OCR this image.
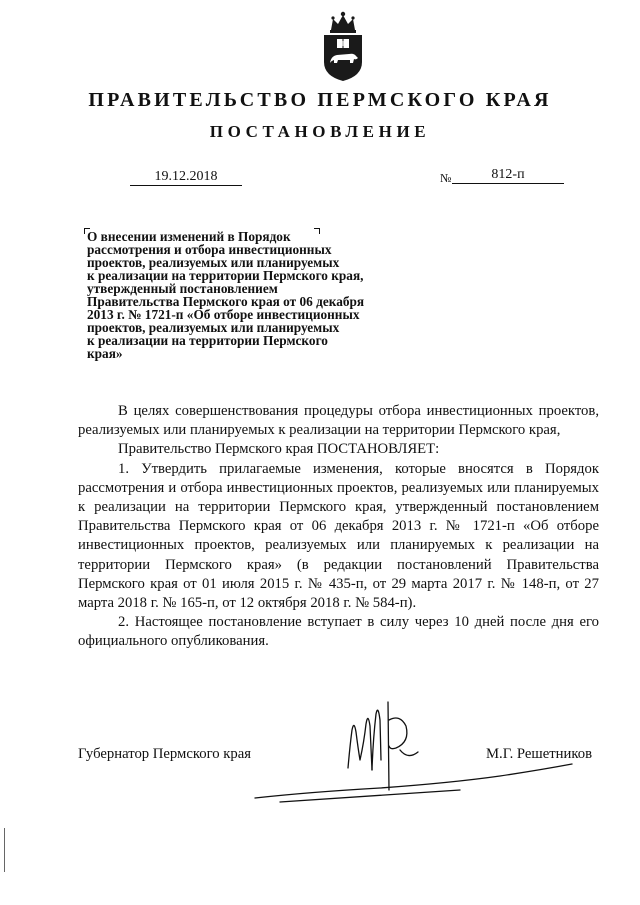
ПРАВИТЕЛЬСТВО ПЕРМСКОГО КРАЯ
ПОСТАНОВЛЕНИЕ
19.12.2018	№	812-п
О внесении изменений в Порядок
рассмотрения и отбора инвестиционных
проектов, реализуемых или планируемых
к реализации на территории Пермского края,
утвержденный постановлением
Правительства Пермского края от 06 декабря
2013 г. № 1721-п «Об отборе инвестиционных
проектов, реализуемых или планируемых
к реализации на территории Пермского
края»

В целях совершенствования процедуры отбора инвестиционных проектов, реализуемых или планируемых к реализации на территории Пермского края,

Правительство Пермского края ПОСТАНОВЛЯЕТ:

1. Утвердить прилагаемые изменения, которые вносятся в Порядок рассмотрения и отбора инвестиционных проектов, реализуемых или планируемых к реализации на территории Пермского края, утвержденный постановлением Правительства Пермского края от 06 декабря 2013 г. № 1721-п «Об отборе инвестиционных проектов, реализуемых или планируемых к реализации на территории Пермского края» (в редакции постановлений Правительства Пермского края от 01 июля 2015 г. № 435-п, от 29 марта 2017 г. № 148-п, от 27 марта 2018 г. № 165-п, от 12 октября 2018 г. № 584-п).

2. Настоящее постановление вступает в силу через 10 дней после дня его официального опубликования.

Губернатор Пермского края	М.Г. Решетников
